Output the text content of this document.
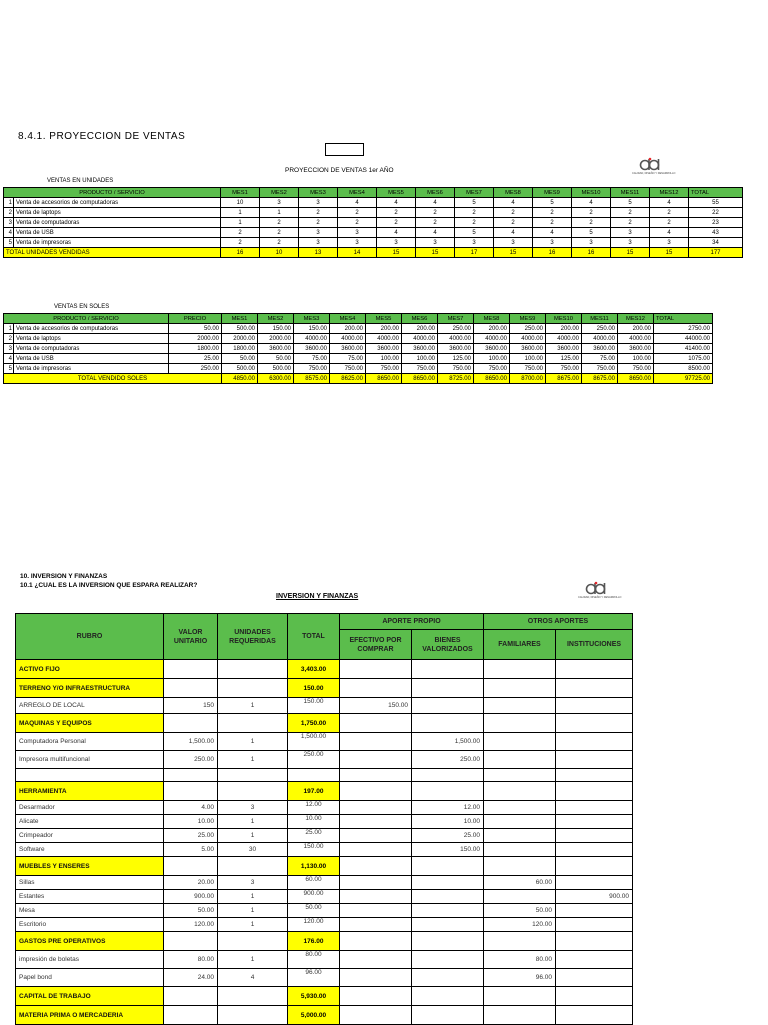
8.4.1. PROYECCION DE VENTAS
PROYECCION DE VENTAS 1er AÑO	CALIDAD, DISEÑO Y DESARROLLO
CALIDAD, DISEÑO Y DESARROLLO
VENTAS EN UNIDADES
PRODUCTO / SERVICIO		MES1	MES2	MES3	MES4	MES5	MES6	MES7	MES8	MES9	MES10	MES11	MES12	TOTAL
1	Venta de accesorios de computadoras	10	3	3	4	4	4	5	4	5	4	5	4	55
2	Venta de laptops	1	1	2	2	2	2	2	2	2	2	2	2	22
3	Venta de computadoras	1	2	2	2	2	2	2	2	2	2	2	2	23
4	Venta de USB	2	2	3	3	4	4	5	4	4	5	3	4	43
5	Venta de impresoras	2	2	3	3	3	3	3	3	3	3	3	3	34
TOTAL UNIDADES VENDIDAS		16	10	13	14	15	15	17	15	16	16	15	15	177
VENTAS EN SOLES
PRODUCTO / SERVICIO		PRECIO	MES1	MES2	MES3	MES4	MES5	MES6	MES7	MES8	MES9	MES10	MES11	MES12	TOTAL
1	Venta de accesorios de computadoras	50.00	500.00	150.00	150.00	200.00	200.00	200.00	250.00	200.00	250.00	200.00	250.00	200.00	2750.00
2	Venta de laptops	2000.00	2000.00	2000.00	4000.00	4000.00	4000.00	4000.00	4000.00	4000.00	4000.00	4000.00	4000.00	4000.00	44000.00
3	Venta de computadoras	1800.00	1800.00	3600.00	3600.00	3600.00	3600.00	3600.00	3600.00	3600.00	3600.00	3600.00	3600.00	3600.00	41400.00
4	Venta de USB	25.00	50.00	50.00	75.00	75.00	100.00	100.00	125.00	100.00	100.00	125.00	75.00	100.00	1075.00
5	Venta de impresoras	250.00	500.00	500.00	750.00	750.00	750.00	750.00	750.00	750.00	750.00	750.00	750.00	750.00	8500.00
TOTAL VENDIDO SOLES			4850.00	6300.00	8575.00	8625.00	8650.00	8650.00	8725.00	8650.00	8700.00	8675.00	8675.00	8650.00	97725.00
10. INVERSION Y FINANZAS
10.1 ¿CUAL ES LA INVERSION QUE ESPARA REALIZAR?
INVERSION Y FINANZAS
RUBRO	VALOR UNITARIO	UNIDADES REQUERIDAS	TOTAL	APORTE PROPIO		OTROS APORTES	
				EFECTIVO POR COMPRAR	BIENES VALORIZADOS	FAMILIARES	INSTITUCIONES
ACTIVO FIJO			3,403.00				
TERRENO Y/O INFRAESTRUCTURA			150.00				
ARREGLO DE LOCAL	150	1	150.00	150.00			
MAQUINAS Y EQUIPOS			1,750.00				
Computadora Personal	1,500.00	1	1,500.00		1,500.00		
Impresora multifuncional	250.00	1	250.00		250.00		

HERRAMIENTA			197.00				
Desarmador	4.00	3	12.00		12.00		
Alicate	10.00	1	10.00		10.00		
Crimpeador	25.00	1	25.00		25.00		
Software	5.00	30	150.00		150.00		
MUEBLES Y ENSERES			1,130.00				
Sillas	20.00	3	60.00			60.00	
Estantes	900.00	1	900.00				900.00
Mesa	50.00	1	50.00			50.00	
Escritorio	120.00	1	120.00			120.00	
GASTOS PRE OPERATIVOS			176.00				
impresión de boletas	80.00	1	80.00			80.00	
Papel bond	24.00	4	96.00			96.00	
CAPITAL DE TRABAJO			5,930.00				
MATERIA PRIMA O MERCADERIA			5,000.00				
